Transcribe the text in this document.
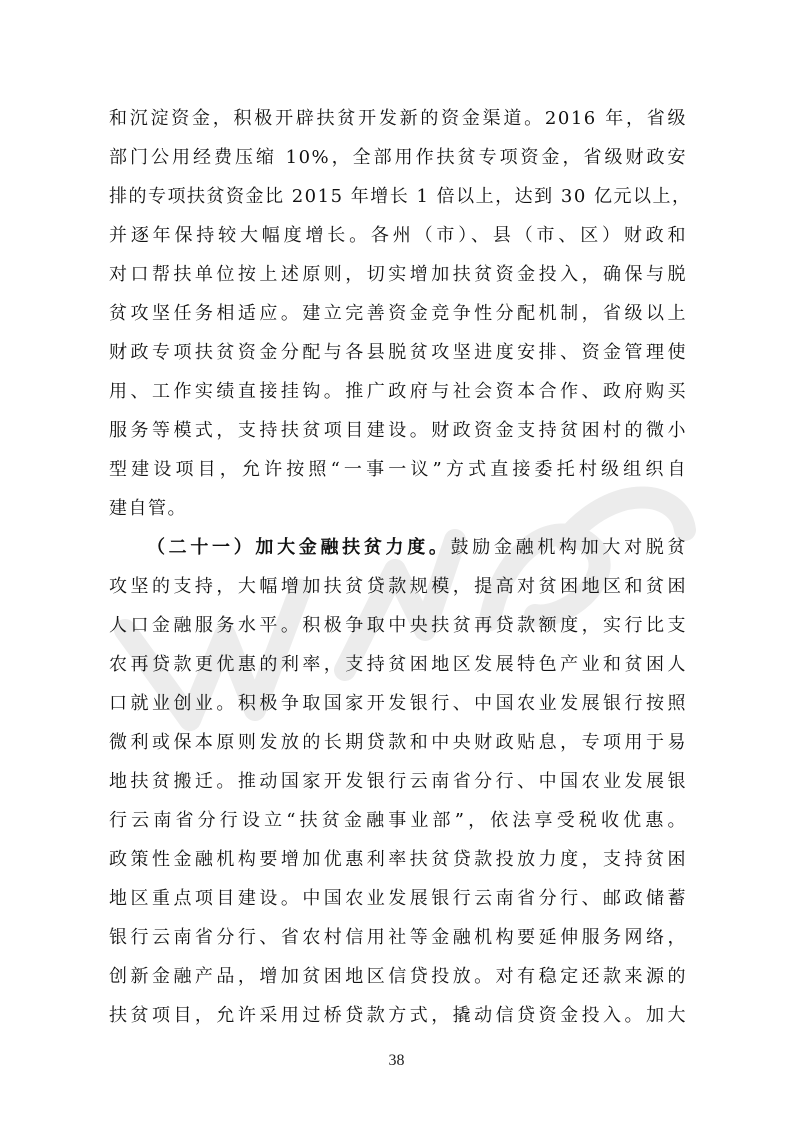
和沉淀资金，积极开辟扶贫开发新的资金渠道。2016 年，省级
部门公用经费压缩 10%，全部用作扶贫专项资金，省级财政安
排的专项扶贫资金比 2015 年增长 1 倍以上，达到 30 亿元以上，
并逐年保持较大幅度增长。各州（市）、县（市、区）财政和
对口帮扶单位按上述原则，切实增加扶贫资金投入，确保与脱
贫攻坚任务相适应。建立完善资金竞争性分配机制，省级以上
财政专项扶贫资金分配与各县脱贫攻坚进度安排、资金管理使
用、工作实绩直接挂钩。推广政府与社会资本合作、政府购买
服务等模式，支持扶贫项目建设。财政资金支持贫困村的微小
型建设项目，允许按照“一事一议”方式直接委托村级组织自
建自管。
（二十一）加大金融扶贫力度。鼓励金融机构加大对脱贫
攻坚的支持，大幅增加扶贫贷款规模，提高对贫困地区和贫困
人口金融服务水平。积极争取中央扶贫再贷款额度，实行比支
农再贷款更优惠的利率，支持贫困地区发展特色产业和贫困人
口就业创业。积极争取国家开发银行、中国农业发展银行按照
微利或保本原则发放的长期贷款和中央财政贴息，专项用于易
地扶贫搬迁。推动国家开发银行云南省分行、中国农业发展银
行云南省分行设立“扶贫金融事业部”，依法享受税收优惠。
政策性金融机构要增加优惠利率扶贫贷款投放力度，支持贫困
地区重点项目建设。中国农业发展银行云南省分行、邮政储蓄
银行云南省分行、省农村信用社等金融机构要延伸服务网络，
创新金融产品，增加贫困地区信贷投放。对有稳定还款来源的
扶贫项目，允许采用过桥贷款方式，撬动信贷资金投入。加大
38
